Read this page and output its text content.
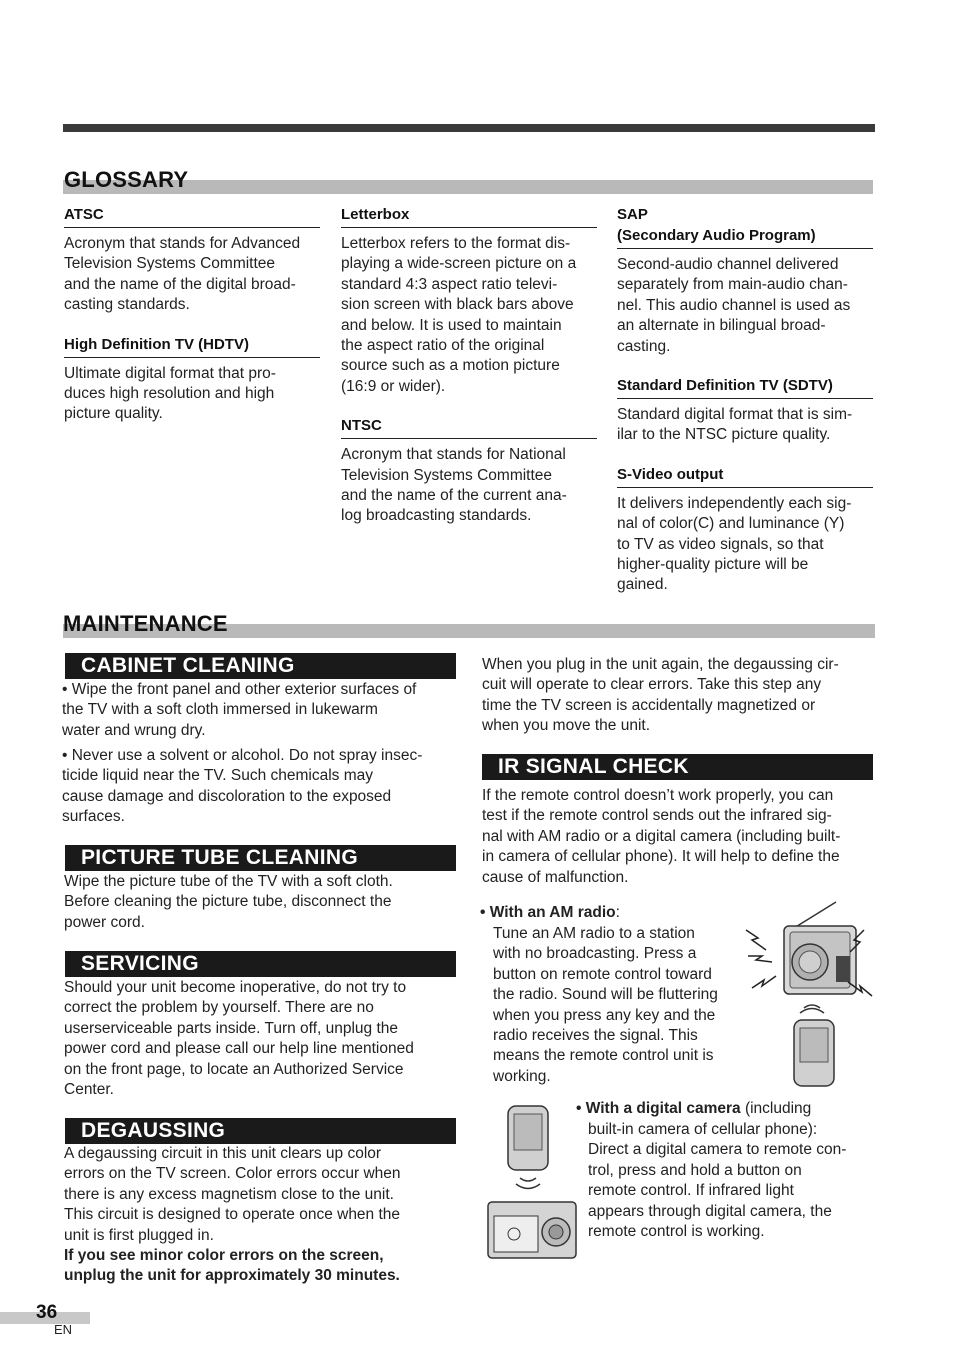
GLOSSARY
ATSC
Acronym that stands for Advanced
Television Systems Committee
and the name of the digital broad-
casting standards.
High Definition TV (HDTV)
Ultimate digital format that pro-
duces high resolution and high
picture quality.
Letterbox
Letterbox refers to the format dis-
playing a wide-screen picture on a
standard 4:3 aspect ratio televi-
sion screen with black bars above
and below. It is used to maintain
the aspect ratio of the original
source such as a motion picture
(16:9 or wider).
NTSC
Acronym that stands for National
Television Systems Committee
and the name of the current ana-
log broadcasting standards.
SAP
(Secondary Audio Program)
Second-audio channel delivered
separately from main-audio chan-
nel. This audio channel is used as
an alternate in bilingual broad-
casting.
Standard Definition TV (SDTV)
Standard digital format that is sim-
ilar to the NTSC picture quality.
S-Video output
It delivers independently each sig-
nal of color(C) and luminance (Y)
to TV as video signals, so that
higher-quality picture will be
gained.
MAINTENANCE
CABINET CLEANING
• Wipe the front panel and other exterior surfaces of
the TV with a soft cloth immersed in lukewarm
water and wrung dry.
• Never use a solvent or alcohol. Do not spray insec-
ticide liquid near the TV. Such chemicals may
cause damage and discoloration to the exposed
surfaces.
PICTURE TUBE CLEANING
Wipe the picture tube of the TV with a soft cloth.
Before cleaning the picture tube, disconnect the
power cord.
SERVICING
Should your unit become inoperative, do not try to
correct the problem by yourself. There are no
userserviceable parts inside. Turn off, unplug the
power cord and please call our help line mentioned
on the front page, to locate an Authorized Service
Center.
DEGAUSSING
A degaussing circuit in this unit clears up color
errors on the TV screen. Color errors occur when
there is any excess magnetism close to the unit.
This circuit is designed to operate once when the
unit is first plugged in.
If you see minor color errors on the screen,
unplug the unit for approximately 30 minutes.
When you plug in the unit again, the degaussing cir-
cuit will operate to clear errors. Take this step any
time the TV screen is accidentally magnetized or
when you move the unit.
IR SIGNAL CHECK
If the remote control doesn’t work properly, you can
test if the remote control sends out the infrared sig-
nal with AM radio or a digital camera (including built-
in camera of cellular phone). It will help to define the
cause of malfunction.
• With an AM radio:
Tune an AM radio to a station
with no broadcasting. Press a
button on remote control toward
the radio. Sound will be fluttering
when you press any key and the
radio receives the signal. This
means the remote control unit is
working.
• With a digital camera (including
built-in camera of cellular phone):
Direct a digital camera to remote con-
trol, press and hold a button on
remote control. If infrared light
appears through digital camera, the
remote control is working.
36
EN
